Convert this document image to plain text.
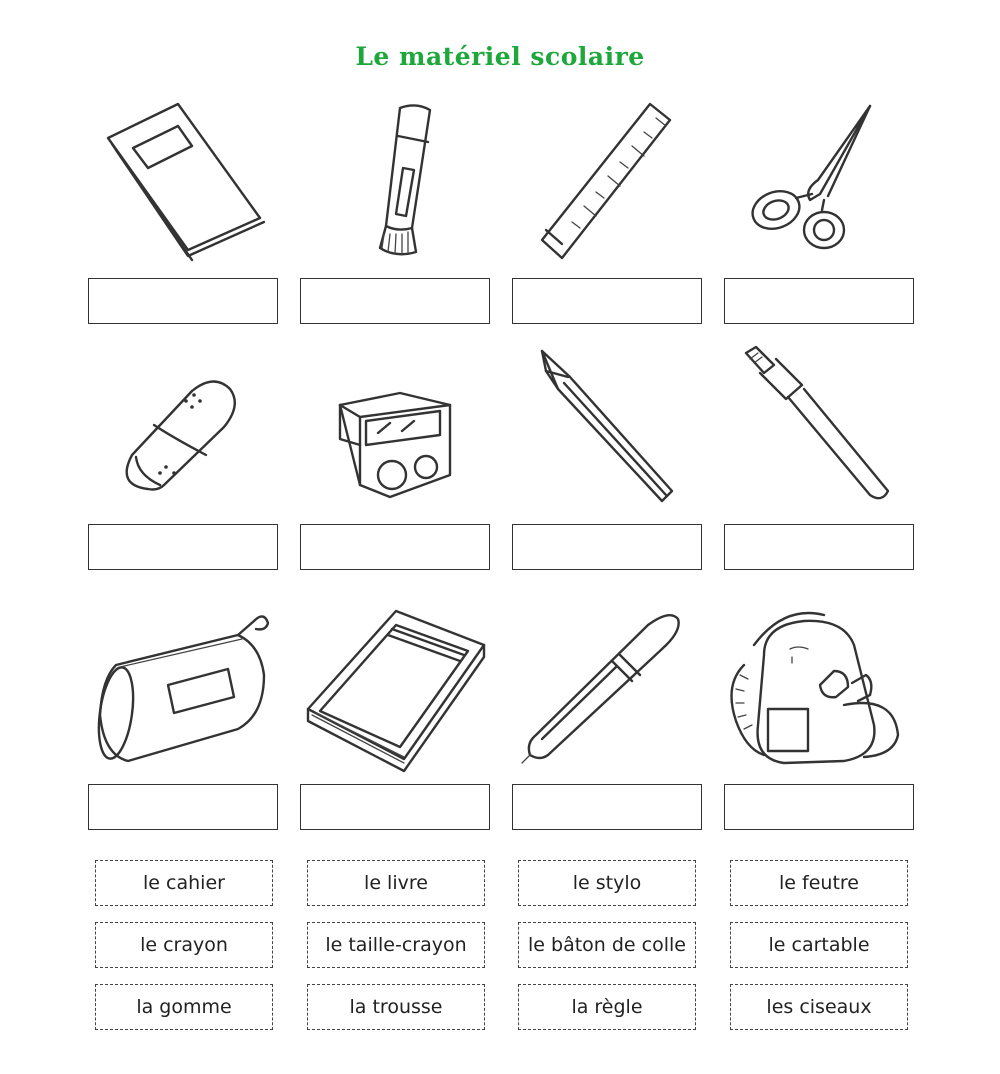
Le matériel scolaire
le cahier	le livre	le stylo	le feutre
le crayon	le taille-crayon	le bâton de colle	le cartable
la gomme	la trousse	la règle	les ciseaux
